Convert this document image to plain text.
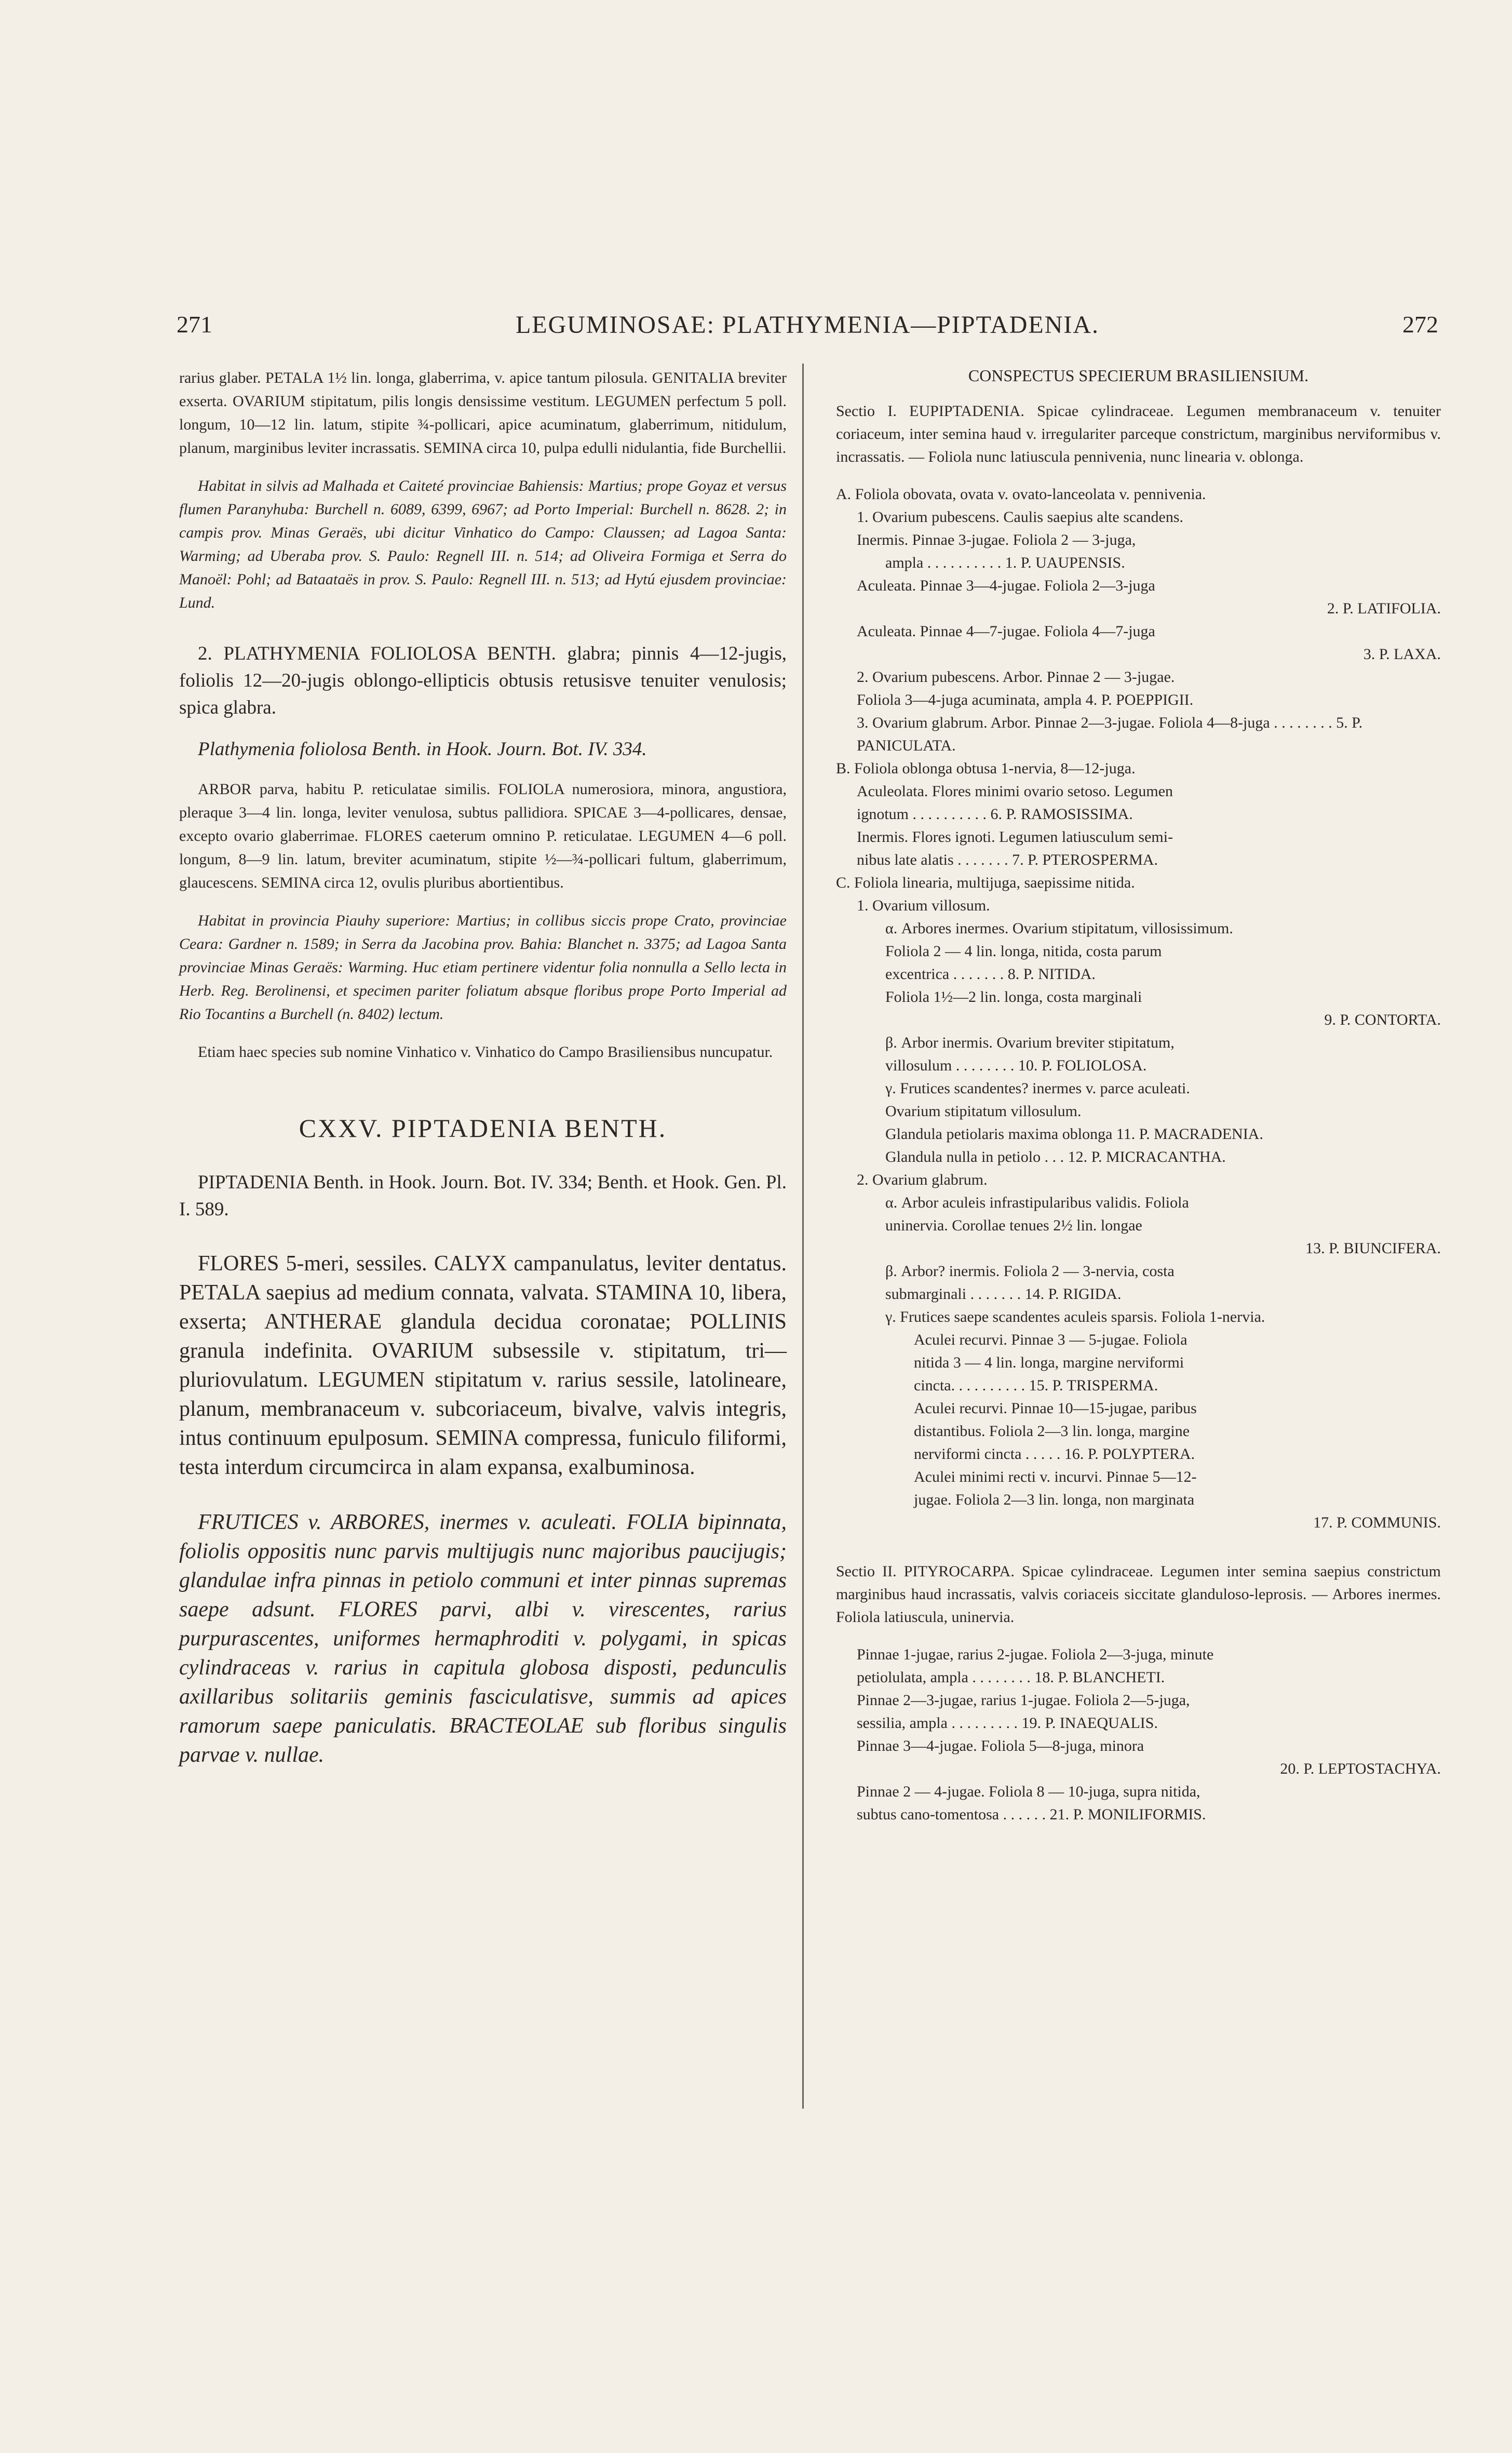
271	LEGUMINOSAE: PLATHYMENIA—PIPTADENIA.	272

rarius glaber. PETALA 1½ lin. longa, glaberrima, v. apice tantum pilosula. GENITALIA breviter exserta. OVARIUM stipitatum, pilis longis densissime vestitum. LEGUMEN perfectum 5 poll. longum, 10—12 lin. latum, stipite ¾-pollicari, apice acuminatum, glaberrimum, nitidulum, planum, marginibus leviter incrassatis. SEMINA circa 10, pulpa edulli nidulantia, fide Burchellii.

Habitat in silvis ad Malhada et Caiteté provinciae Bahiensis: Martius; prope Goyaz et versus flumen Paranyhuba: Burchell n. 6089, 6399, 6967; ad Porto Imperial: Burchell n. 8628. 2; in campis prov. Minas Geraës, ubi dicitur Vinhatico do Campo: Claussen; ad Lagoa Santa: Warming; ad Uberaba prov. S. Paulo: Regnell III. n. 514; ad Oliveira Formiga et Serra do Manoël: Pohl; ad Bataataës in prov. S. Paulo: Regnell III. n. 513; ad Hytú ejusdem provinciae: Lund.

2. PLATHYMENIA FOLIOLOSA BENTH. glabra; pinnis 4—12-jugis, foliolis 12—20-jugis oblongo-ellipticis obtusis retusisve tenuiter venulosis; spica glabra.

Plathymenia foliolosa Benth. in Hook. Journ. Bot. IV. 334.

ARBOR parva, habitu P. reticulatae similis. FOLIOLA numerosiora, minora, angustiora, pleraque 3—4 lin. longa, leviter venulosa, subtus pallidiora. SPICAE 3—4-pollicares, densae, excepto ovario glaberrimae. FLORES caeterum omnino P. reticulatae. LEGUMEN 4—6 poll. longum, 8—9 lin. latum, breviter acuminatum, stipite ½—¾-pollicari fultum, glaberrimum, glaucescens. SEMINA circa 12, ovulis pluribus abortientibus.

Habitat in provincia Piauhy superiore: Martius; in collibus siccis prope Crato, provinciae Ceara: Gardner n. 1589; in Serra da Jacobina prov. Bahia: Blanchet n. 3375; ad Lagoa Santa provinciae Minas Geraës: Warming. Huc etiam pertinere videntur folia nonnulla a Sello lecta in Herb. Reg. Berolinensi, et specimen pariter foliatum absque floribus prope Porto Imperial ad Rio Tocantins a Burchell (n. 8402) lectum.

Etiam haec species sub nomine Vinhatico v. Vinhatico do Campo Brasiliensibus nuncupatur.

CXXV. PIPTADENIA BENTH.

PIPTADENIA Benth. in Hook. Journ. Bot. IV. 334; Benth. et Hook. Gen. Pl. I. 589.

FLORES 5-meri, sessiles. CALYX campanulatus, leviter dentatus. PETALA saepius ad medium connata, valvata. STAMINA 10, libera, exserta; ANTHERAE glandula decidua coronatae; POLLINIS granula indefinita. OVARIUM subsessile v. stipitatum, tri—pluriovulatum. LEGUMEN stipitatum v. rarius sessile, latolineare, planum, membranaceum v. subcoriaceum, bivalve, valvis integris, intus continuum epulposum. SEMINA compressa, funiculo filiformi, testa interdum circumcirca in alam expansa, exalbuminosa.

FRUTICES v. ARBORES, inermes v. aculeati. FOLIA bipinnata, foliolis oppositis nunc parvis multijugis nunc majoribus paucijugis; glandulae infra pinnas in petiolo communi et inter pinnas supremas saepe adsunt. FLORES parvi, albi v. virescentes, rarius purpurascentes, uniformes hermaphroditi v. polygami, in spicas cylindraceas v. rarius in capitula globosa disposti, pedunculis axillaribus solitariis geminis fasciculatisve, summis ad apices ramorum saepe paniculatis. BRACTEOLAE sub floribus singulis parvae v. nullae.

CONSPECTUS SPECIERUM BRASILIENSIUM.

Sectio I. EUPIPTADENIA. Spicae cylindraceae. Legumen membranaceum v. tenuiter coriaceum, inter semina haud v. irregulariter parceque constrictum, marginibus nerviformibus v. incrassatis. — Foliola nunc latiuscula pennivenia, nunc linearia v. oblonga.

A. Foliola obovata, ovata v. ovato-lanceolata v. pennivenia.

1. Ovarium pubescens. Caulis saepius alte scandens.

Inermis. Pinnae 3-jugae. Foliola 2 — 3-juga,

ampla . . . . . . . . . . 1. P. UAUPENSIS.

Aculeata. Pinnae 3—4-jugae. Foliola 2—3-juga

2. P. LATIFOLIA.

Aculeata. Pinnae 4—7-jugae. Foliola 4—7-juga

3. P. LAXA.

2. Ovarium pubescens. Arbor. Pinnae 2 — 3-jugae.

Foliola 3—4-juga acuminata, ampla 4. P. POEPPIGII.

3. Ovarium glabrum. Arbor. Pinnae 2—3-jugae. Foliola 4—8-juga . . . . . . . . 5. P. PANICULATA.

B. Foliola oblonga obtusa 1-nervia, 8—12-juga.

Aculeolata. Flores minimi ovario setoso. Legumen

ignotum . . . . . . . . . . 6. P. RAMOSISSIMA.

Inermis. Flores ignoti. Legumen latiusculum semi-

nibus late alatis . . . . . . . 7. P. PTEROSPERMA.

C. Foliola linearia, multijuga, saepissime nitida.

1. Ovarium villosum.

α. Arbores inermes. Ovarium stipitatum, villosissimum.

Foliola 2 — 4 lin. longa, nitida, costa parum

excentrica . . . . . . . 8. P. NITIDA.

Foliola 1½—2 lin. longa, costa marginali

9. P. CONTORTA.

β. Arbor inermis. Ovarium breviter stipitatum,

villosulum . . . . . . . . 10. P. FOLIOLOSA.

γ. Frutices scandentes? inermes v. parce aculeati.

Ovarium stipitatum villosulum.

Glandula petiolaris maxima oblonga 11. P. MACRADENIA.

Glandula nulla in petiolo . . . 12. P. MICRACANTHA.

2. Ovarium glabrum.

α. Arbor aculeis infrastipularibus validis. Foliola

uninervia. Corollae tenues 2½ lin. longae

13. P. BIUNCIFERA.

β. Arbor? inermis. Foliola 2 — 3-nervia, costa

submarginali . . . . . . . 14. P. RIGIDA.

γ. Frutices saepe scandentes aculeis sparsis. Foliola 1-nervia.

Aculei recurvi. Pinnae 3 — 5-jugae. Foliola

nitida 3 — 4 lin. longa, margine nerviformi

cincta. . . . . . . . . . 15. P. TRISPERMA.

Aculei recurvi. Pinnae 10—15-jugae, paribus

distantibus. Foliola 2—3 lin. longa, margine

nerviformi cincta . . . . . 16. P. POLYPTERA.

Aculei minimi recti v. incurvi. Pinnae 5—12-

jugae. Foliola 2—3 lin. longa, non marginata

17. P. COMMUNIS.

Sectio II. PITYROCARPA. Spicae cylindraceae. Legumen inter semina saepius constrictum marginibus haud incrassatis, valvis coriaceis siccitate glanduloso-leprosis. — Arbores inermes. Foliola latiuscula, uninervia.

Pinnae 1-jugae, rarius 2-jugae. Foliola 2—3-juga, minute

petiolulata, ampla . . . . . . . . 18. P. BLANCHETI.

Pinnae 2—3-jugae, rarius 1-jugae. Foliola 2—5-juga,

sessilia, ampla . . . . . . . . . 19. P. INAEQUALIS.

Pinnae 3—4-jugae. Foliola 5—8-juga, minora

20. P. LEPTOSTACHYA.

Pinnae 2 — 4-jugae. Foliola 8 — 10-juga, supra nitida,

subtus cano-tomentosa . . . . . . 21. P. MONILIFORMIS.
